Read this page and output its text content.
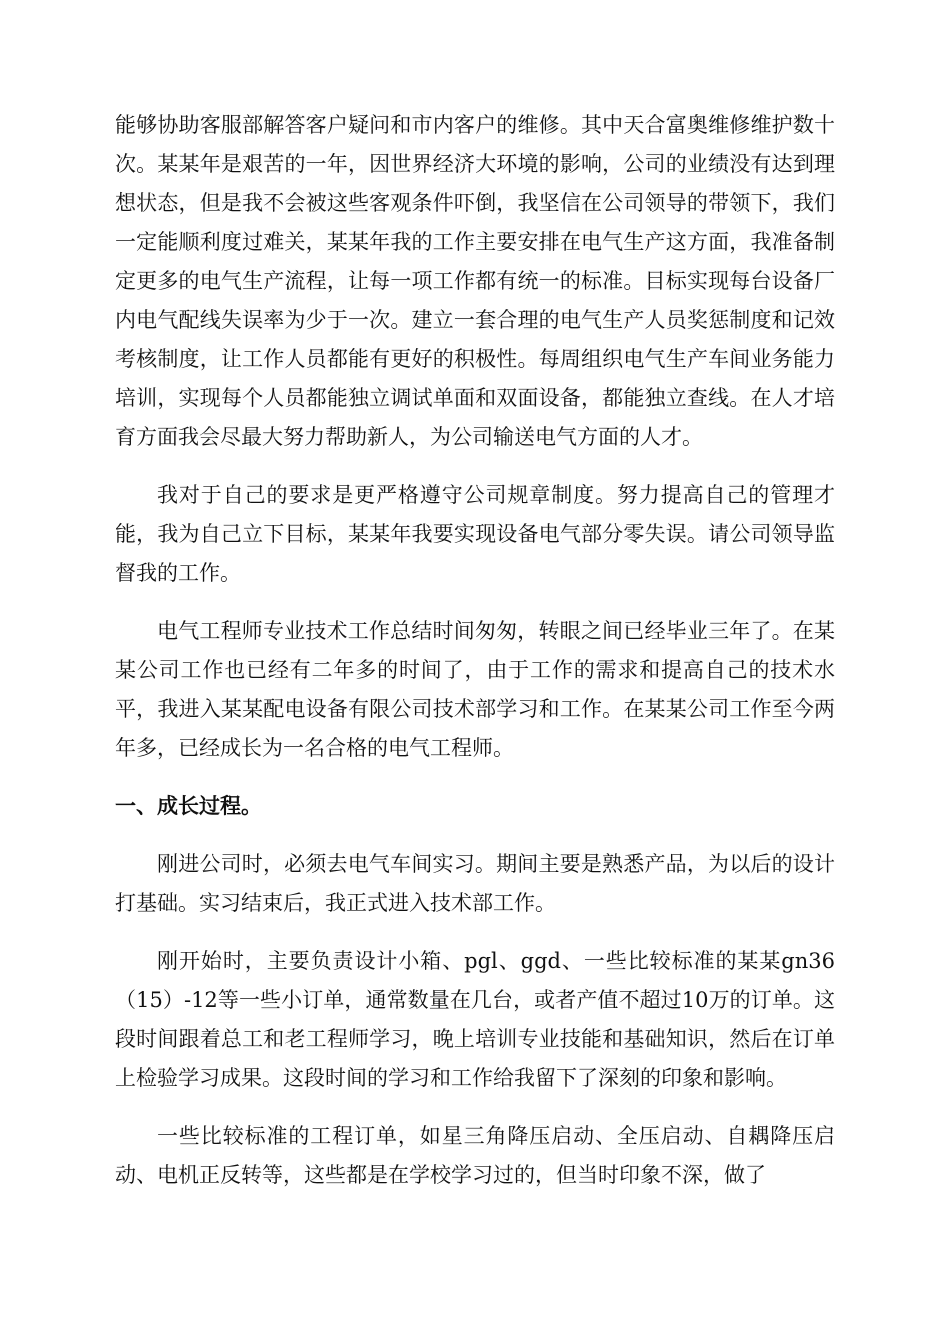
能够协助客服部解答客户疑问和市内客户的维修。其中天合富奥维修维护数十次。某某年是艰苦的一年，因世界经济大环境的影响，公司的业绩没有达到理想状态，但是我不会被这些客观条件吓倒，我坚信在公司领导的带领下，我们一定能顺利度过难关，某某年我的工作主要安排在电气生产这方面，我准备制定更多的电气生产流程，让每一项工作都有统一的标准。目标实现每台设备厂内电气配线失误率为少于一次。建立一套合理的电气生产人员奖惩制度和记效考核制度，让工作人员都能有更好的积极性。每周组织电气生产车间业务能力培训，实现每个人员都能独立调试单面和双面设备，都能独立查线。在人才培育方面我会尽最大努力帮助新人，为公司输送电气方面的人才。

我对于自己的要求是更严格遵守公司规章制度。努力提高自己的管理才能，我为自己立下目标，某某年我要实现设备电气部分零失误。请公司领导监督我的工作。

电气工程师专业技术工作总结时间匆匆，转眼之间已经毕业三年了。在某某公司工作也已经有二年多的时间了，由于工作的需求和提高自己的技术水平，我进入某某配电设备有限公司技术部学习和工作。在某某公司工作至今两年多，已经成长为一名合格的电气工程师。

一、成长过程。

刚进公司时，必须去电气车间实习。期间主要是熟悉产品，为以后的设计打基础。实习结束后，我正式进入技术部工作。

刚开始时，主要负责设计小箱、pgl、ggd、一些比较标准的某某gn36（15）-12等一些小订单，通常数量在几台，或者产值不超过10万的订单。这段时间跟着总工和老工程师学习，晚上培训专业技能和基础知识，然后在订单上检验学习成果。这段时间的学习和工作给我留下了深刻的印象和影响。

一些比较标准的工程订单，如星三角降压启动、全压启动、自耦降压启动、电机正反转等，这些都是在学校学习过的，但当时印象不深，做了
